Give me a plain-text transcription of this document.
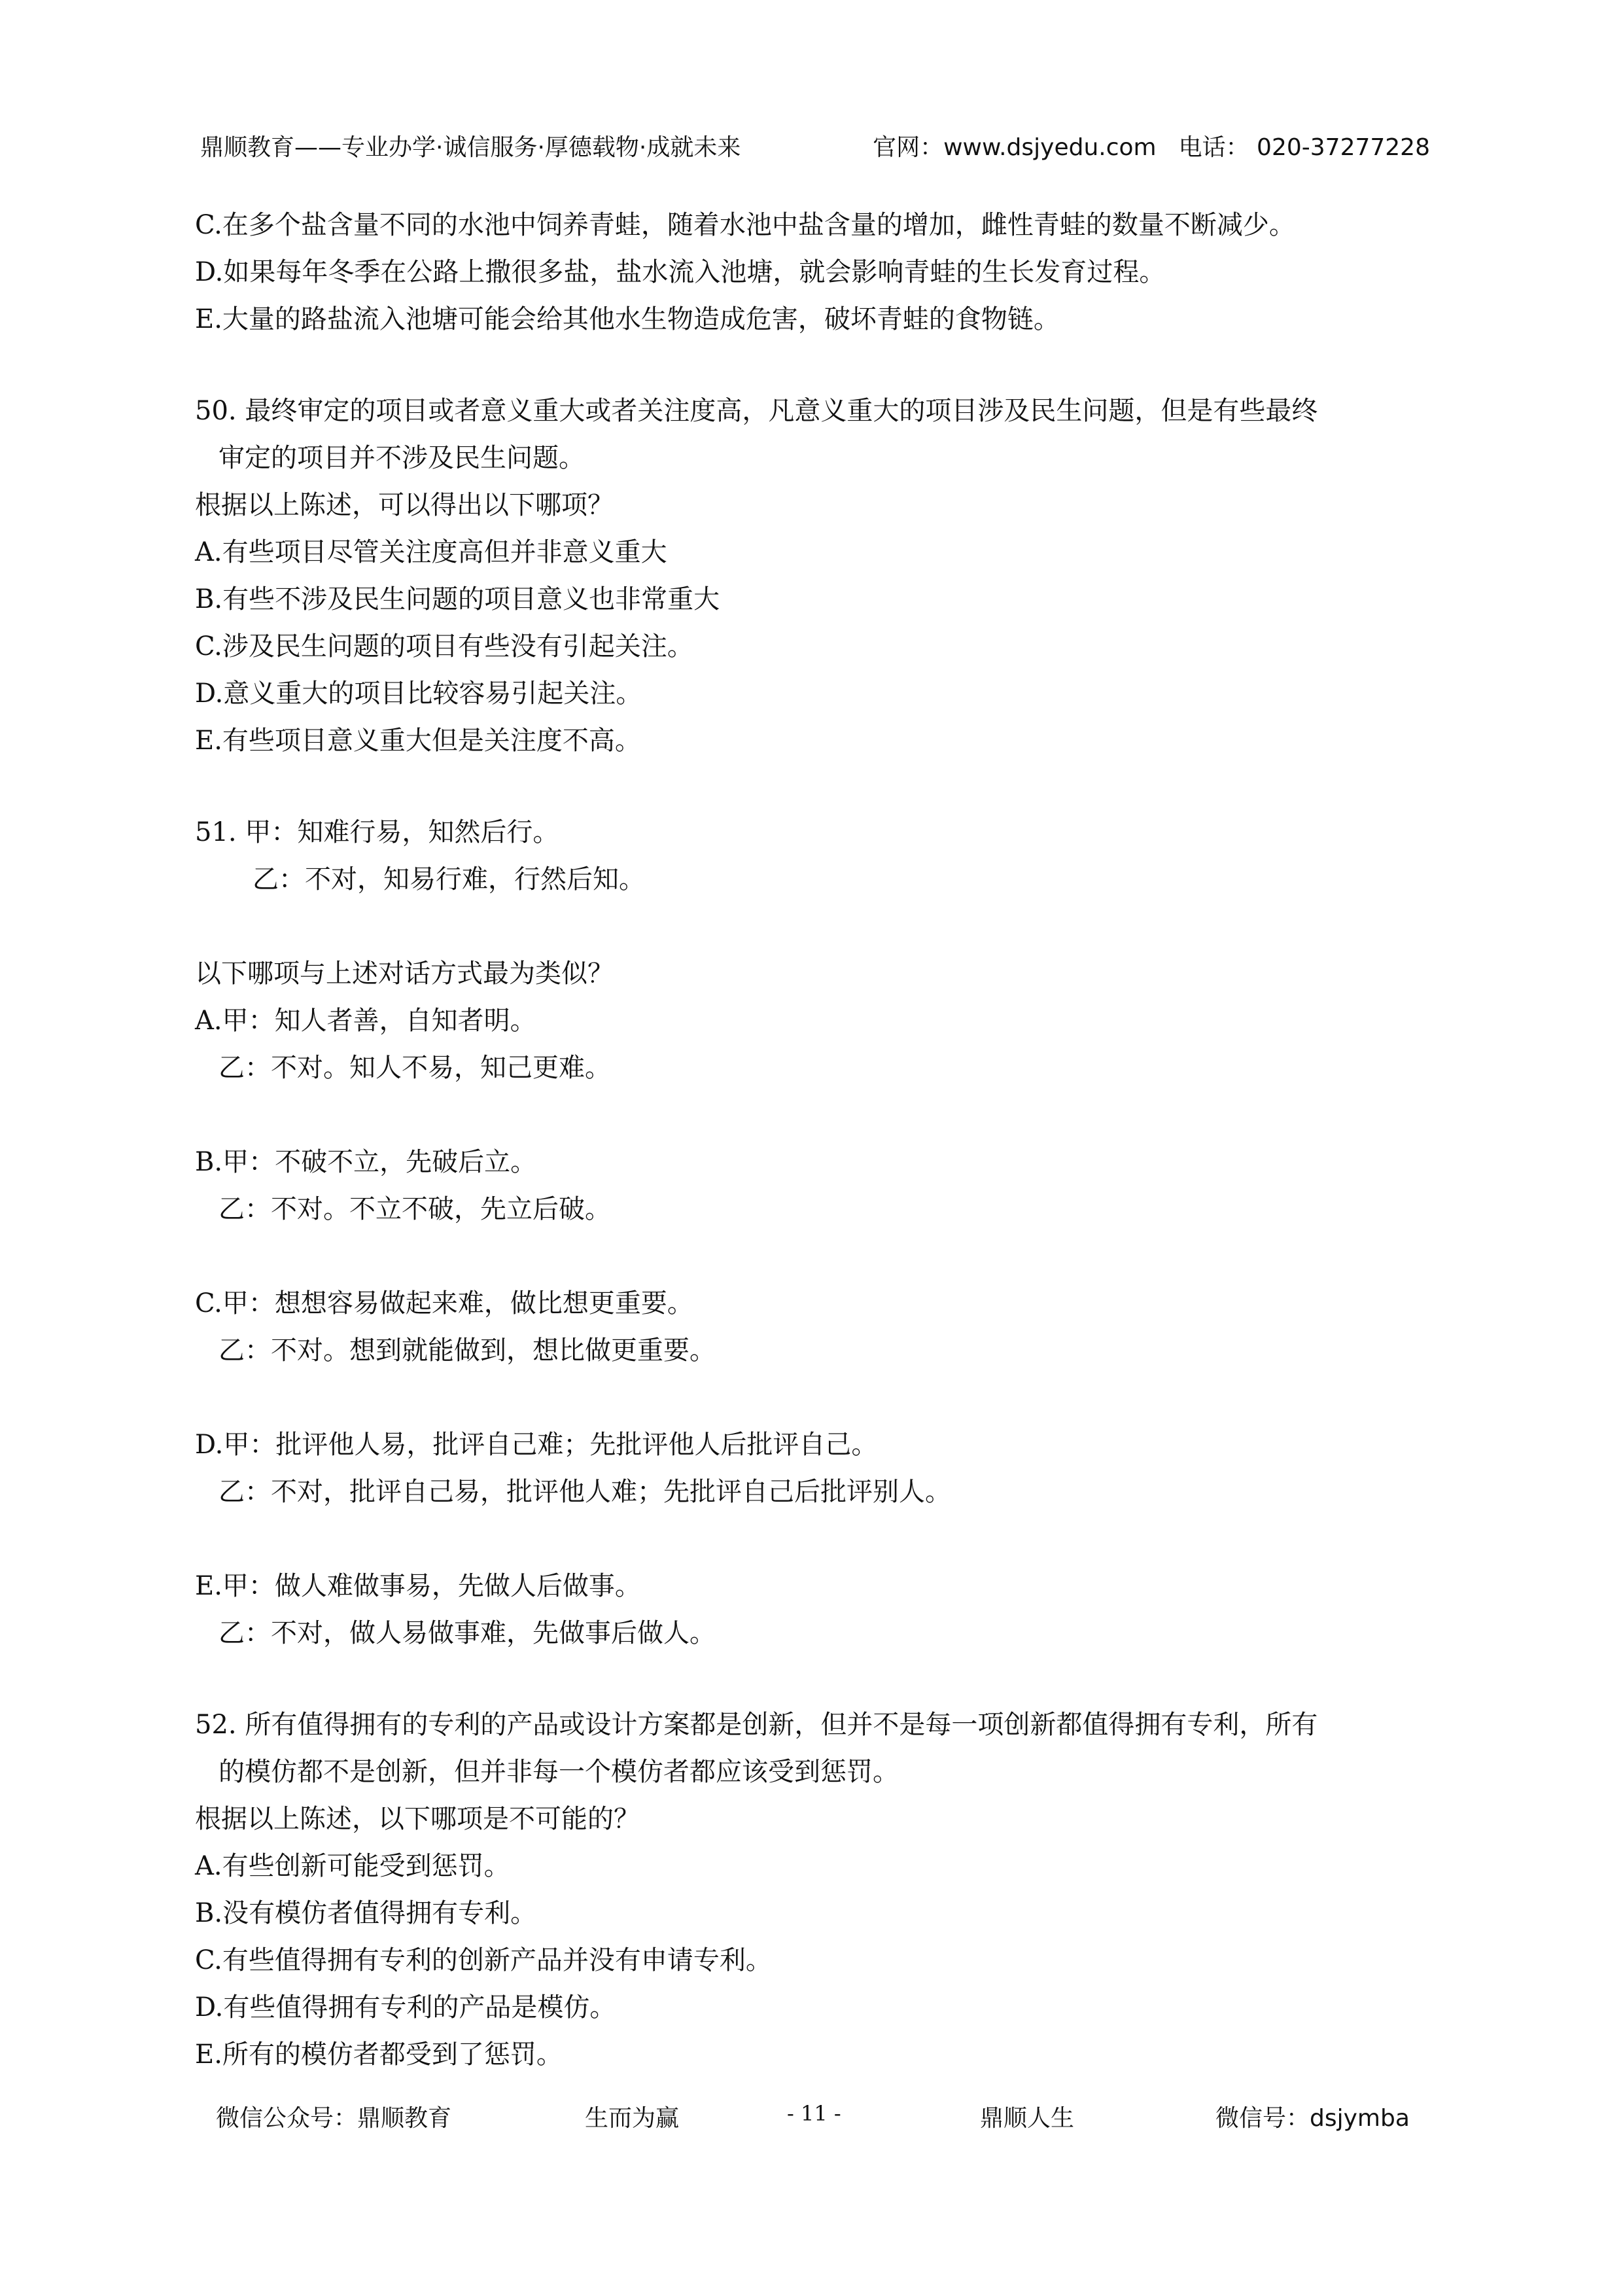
鼎顺教育——专业办学·诚信服务·厚德载物·成就未来	官网：www.dsjyedu.com 电话： 020-37277228
C.在多个盐含量不同的水池中饲养青蛙，随着水池中盐含量的增加，雌性青蛙的数量不断减少。
D.如果每年冬季在公路上撒很多盐，盐水流入池塘，就会影响青蛙的生长发育过程。
E.大量的路盐流入池塘可能会给其他水生物造成危害，破坏青蛙的食物链。
50. 最终审定的项目或者意义重大或者关注度高，凡意义重大的项目涉及民生问题，但是有些最终
审定的项目并不涉及民生问题。
根据以上陈述，可以得出以下哪项？
A.有些项目尽管关注度高但并非意义重大
B.有些不涉及民生问题的项目意义也非常重大
C.涉及民生问题的项目有些没有引起关注。
D.意义重大的项目比较容易引起关注。
E.有些项目意义重大但是关注度不高。
51. 甲：知难行易，知然后行。
乙：不对，知易行难，行然后知。
以下哪项与上述对话方式最为类似？
A.甲：知人者善，自知者明。
乙：不对。知人不易，知己更难。
B.甲：不破不立，先破后立。
乙：不对。不立不破，先立后破。
C.甲：想想容易做起来难，做比想更重要。
乙：不对。想到就能做到，想比做更重要。
D.甲：批评他人易，批评自己难；先批评他人后批评自己。
乙：不对，批评自己易，批评他人难；先批评自己后批评别人。
E.甲：做人难做事易，先做人后做事。
乙：不对，做人易做事难，先做事后做人。
52. 所有值得拥有的专利的产品或设计方案都是创新，但并不是每一项创新都值得拥有专利，所有
的模仿都不是创新，但并非每一个模仿者都应该受到惩罚。
根据以上陈述，以下哪项是不可能的？
A.有些创新可能受到惩罚。
B.没有模仿者值得拥有专利。
C.有些值得拥有专利的创新产品并没有申请专利。
D.有些值得拥有专利的产品是模仿。
E.所有的模仿者都受到了惩罚。
微信公众号：鼎顺教育	生而为赢	- 11 -	鼎顺人生	微信号：dsjymba
